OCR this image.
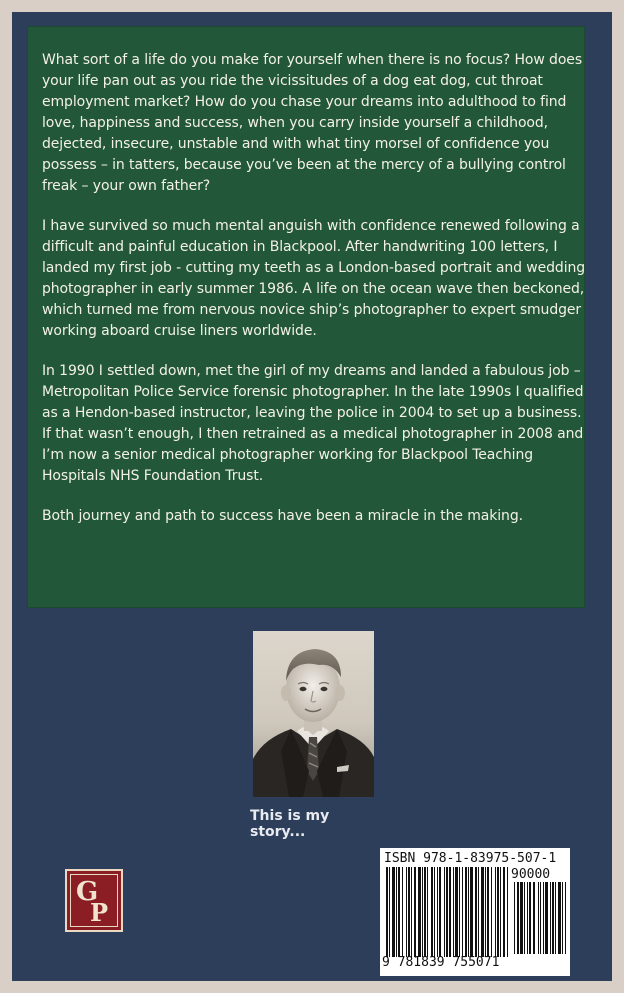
What sort of a life do you make for yourself when there is no focus? How does your life pan out as you ride the vicissitudes of a dog eat dog, cut throat employment market? How do you chase your dreams into adulthood to find love, happiness and success, when you carry inside yourself a childhood, dejected, insecure, unstable and with what tiny morsel of confidence you possess – in tatters, because you’ve been at the mercy of a bullying control freak – your own father?

I have survived so much mental anguish with confidence renewed following a difficult and painful education in Blackpool. After handwriting 100 letters, I landed my first job - cutting my teeth as a London-based portrait and wedding photographer in early summer 1986. A life on the ocean wave then beckoned, which turned me from nervous novice ship’s photographer to expert smudger working aboard cruise liners worldwide.

In 1990 I settled down, met the girl of my dreams and landed a fabulous job – Metropolitan Police Service forensic photographer. In the late 1990s I qualified as a Hendon-based instructor, leaving the police in 2004 to set up a business. If that wasn’t enough, I then retrained as a medical photographer in 2008 and I’m now a senior medical photographer working for Blackpool Teaching Hospitals NHS Foundation Trust.

Both journey and path to success have been a miracle in the making.

This is my story...
G
P
ISBN 978-1-83975-507-1
90000
9 781839 755071
